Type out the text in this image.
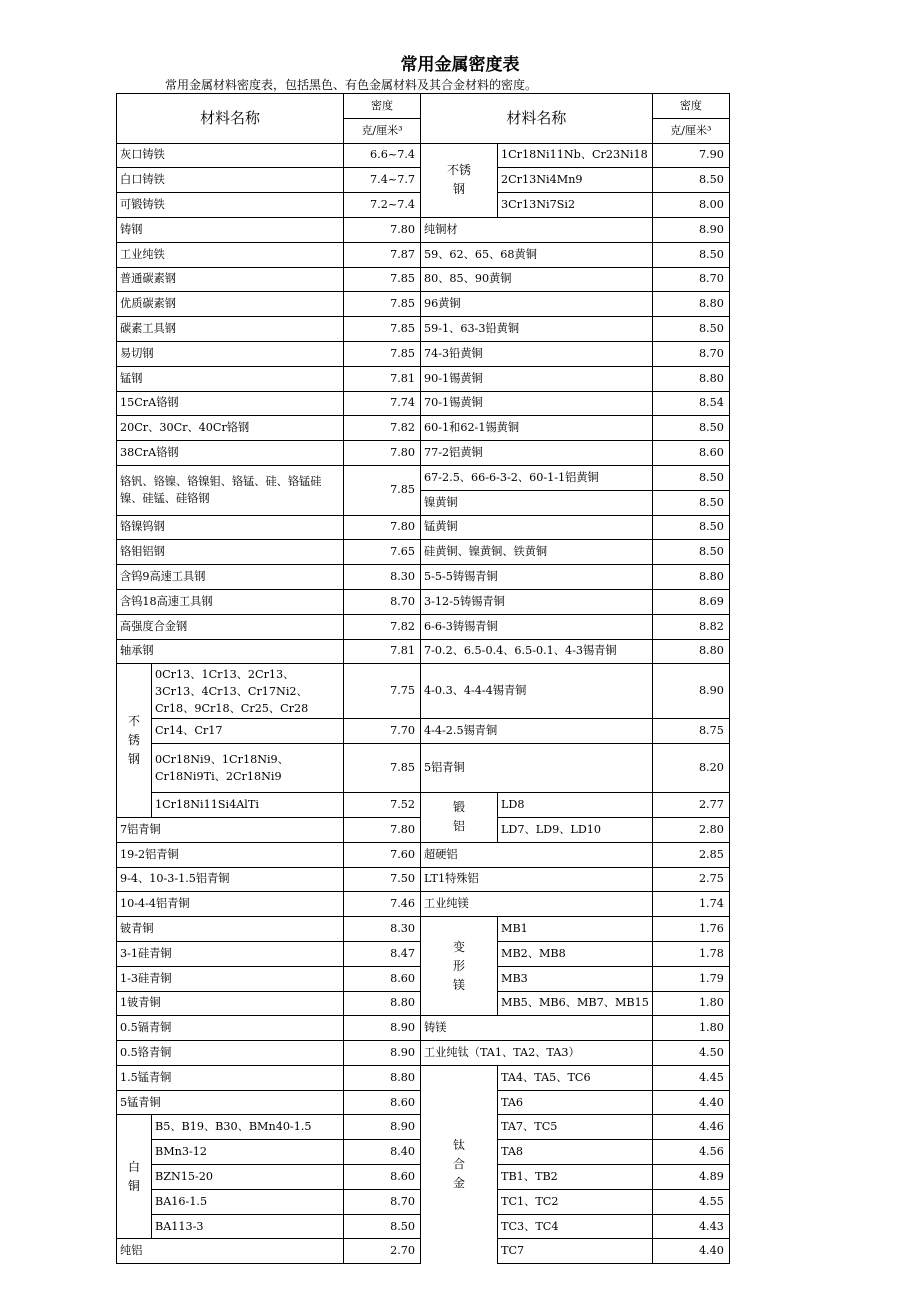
常用金属密度表
常用金属材料密度表，包括黑色、有色金属材料及其合金材料的密度。
材料名称		密度	材料名称		密度
		克/厘米³			克/厘米³
灰口铸铁		6.6~7.4	不锈钢	1Cr18Ni11Nb、Cr23Ni18	7.90
白口铸铁		7.4~7.7		2Cr13Ni4Mn9	8.50
可锻铸铁		7.2~7.4		3Cr13Ni7Si2	8.00
铸钢		7.80	纯铜材		8.90
工业纯铁		7.87	59、62、65、68黄铜		8.50
普通碳素钢		7.85	80、85、90黄铜		8.70
优质碳素钢		7.85	96黄铜		8.80
碳素工具钢		7.85	59-1、63-3铅黄铜		8.50
易切钢		7.85	74-3铅黄铜		8.70
锰钢		7.81	90-1锡黄铜		8.80
15CrA铬钢		7.74	70-1锡黄铜		8.54
20Cr、30Cr、40Cr铬钢		7.82	60-1和62-1锡黄铜		8.50
38CrA铬钢		7.80	77-2铝黄铜		8.60
铬钒、铬镍、铬镍钼、铬锰、硅、铬锰硅镍、硅锰、硅铬钢		7.85	67-2.5、66-6-3-2、60-1-1铝黄铜		8.50
			镍黄铜		8.50
铬镍钨钢		7.80	锰黄铜		8.50
铬钼铝钢		7.65	硅黄铜、镍黄铜、铁黄铜		8.50
含钨9高速工具钢		8.30	5-5-5铸锡青铜		8.80
含钨18高速工具钢		8.70	3-12-5铸锡青铜		8.69
高强度合金钢		7.82	6-6-3铸锡青铜		8.82
轴承钢		7.81	7-0.2、6.5-0.4、6.5-0.1、4-3锡青铜		8.80
不锈钢	0Cr13、1Cr13、2Cr13、3Cr13、4Cr13、Cr17Ni2、Cr18、9Cr18、Cr25、Cr28	7.75	4-0.3、4-4-4锡青铜		8.90
	Cr14、Cr17	7.70	4-4-2.5锡青铜		8.75
	0Cr18Ni9、1Cr18Ni9、Cr18Ni9Ti、2Cr18Ni9	7.85	5铝青铜		8.20
	1Cr18Ni11Si4AlTi	7.52	锻铝	LD8	2.77
7铝青铜		7.80		LD7、LD9、LD10	2.80
19-2铝青铜		7.60	超硬铝		2.85
9-4、10-3-1.5铝青铜		7.50	LT1特殊铝		2.75
10-4-4铝青铜		7.46	工业纯镁		1.74
铍青铜		8.30	变形镁	MB1	1.76
3-1硅青铜		8.47		MB2、MB8	1.78
1-3硅青铜		8.60		MB3	1.79
1铍青铜		8.80		MB5、MB6、MB7、MB15	1.80
0.5镉青铜		8.90	铸镁		1.80
0.5铬青铜		8.90	工业纯钛（TA1、TA2、TA3）		4.50
1.5锰青铜		8.80	钛合金	TA4、TA5、TC6	4.45
5锰青铜		8.60		TA6	4.40
白铜	B5、B19、B30、BMn40-1.5	8.90		TA7、TC5	4.46
	BMn3-12	8.40		TA8	4.56
	BZN15-20	8.60		TB1、TB2	4.89
	BA16-1.5	8.70		TC1、TC2	4.55
	BA113-3	8.50		TC3、TC4	4.43
纯铝		2.70		TC7	4.40
